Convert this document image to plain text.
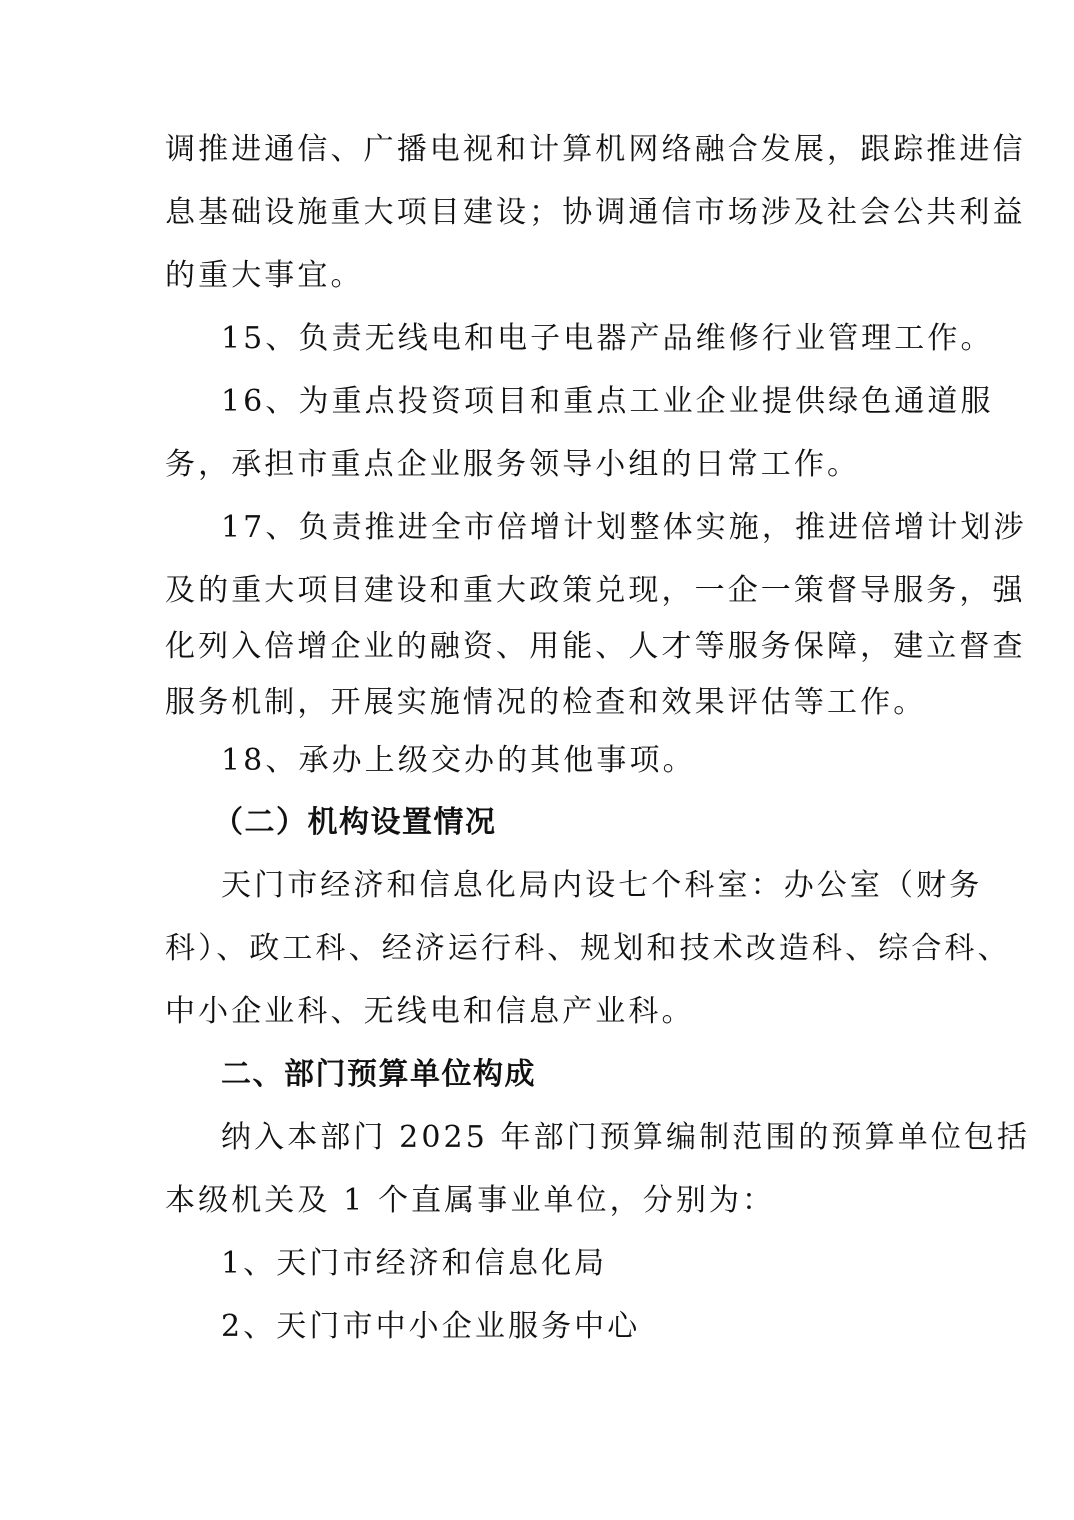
调推进通信、广播电视和计算机网络融合发展，跟踪推进信
息基础设施重大项目建设；协调通信市场涉及社会公共利益
的重大事宜。
15、负责无线电和电子电器产品维修行业管理工作。
16、为重点投资项目和重点工业企业提供绿色通道服
务，承担市重点企业服务领导小组的日常工作。
17、负责推进全市倍增计划整体实施，推进倍增计划涉
及的重大项目建设和重大政策兑现，一企一策督导服务，强
化列入倍增企业的融资、用能、人才等服务保障，建立督查
服务机制，开展实施情况的检查和效果评估等工作。
18、承办上级交办的其他事项。
（二）机构设置情况
天门市经济和信息化局内设七个科室：办公室（财务
科）、政工科、经济运行科、规划和技术改造科、综合科、
中小企业科、无线电和信息产业科。
二、部门预算单位构成
纳入本部门 2025 年部门预算编制范围的预算单位包括
本级机关及 1 个直属事业单位，分别为：
1、天门市经济和信息化局
2、天门市中小企业服务中心
